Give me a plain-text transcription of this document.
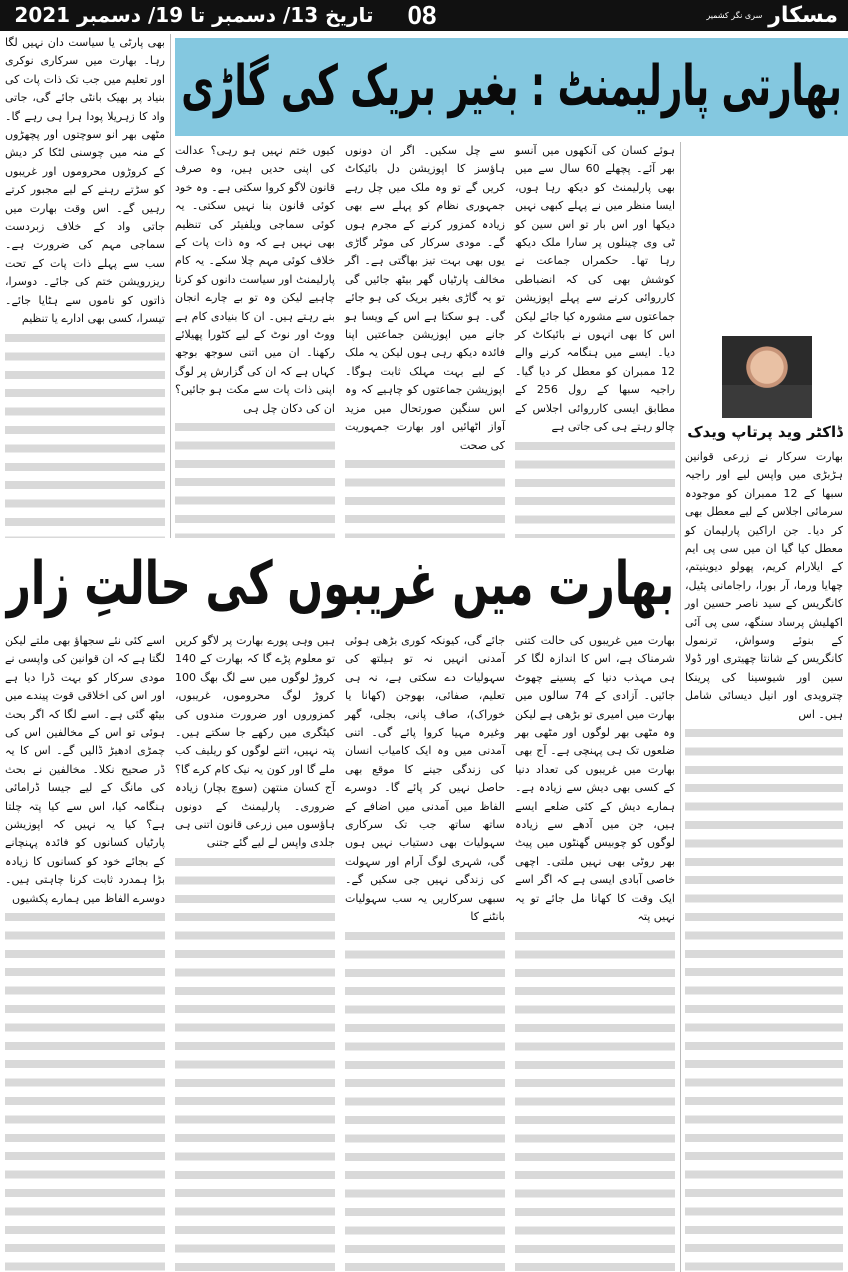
تاریخ 13/ دسمبر تا 19/ دسمبر 2021	08	مسکار
سری نگر کشمیر
بھارتی پارلیمنٹ : بغیر بریک کی گاڑی

بھی پارٹی یا سیاست دان نہیں لگا رہا۔ بھارت میں سرکاری نوکری اور تعلیم میں جب تک ذات پات کی بنیاد پر بھیک بانٹی جائے گی، جاتی واد کا زہریلا پودا ہرا ہی رہے گا۔ مٹھی بھر انو سوچتوں اور پچھڑوں کے منہ میں چوسنی لٹکا کر دیش کے کروڑوں محروموں اور غریبوں کو سڑتے رہنے کے لیے مجبور کرتے رہیں گے۔ اس وقت بھارت میں جاتی واد کے خلاف زبردست سماجی مہم کی ضرورت ہے۔ سب سے پہلے ذات پات کے تحت ریزرویشن ختم کی جائے۔ دوسرا، ذاتوں کو ناموں سے ہٹایا جائے۔ تیسرا، کسی بھی ادارے یا تنظیم

کیوں ختم نہیں ہو رہی؟ عدالت کی اپنی حدیں ہیں، وہ صرف قانون لاگو کروا سکتی ہے۔ وہ خود کوئی قانون بنا نہیں سکتی۔ یہ کوئی سماجی ویلفیئر کی تنظیم بھی نہیں ہے کہ وہ ذات پات کے خلاف کوئی مہم چلا سکے۔ یہ کام پارلیمنٹ اور سیاست دانوں کو کرنا چاہیے لیکن وہ تو بے چارے انجان بنے رہتے ہیں۔ ان کا بنیادی کام ہے ووٹ اور نوٹ کے لیے کٹورا پھیلائے رکھنا۔ ان میں اتنی سوجھ بوجھ کہاں ہے کہ ان کی گزارش پر لوگ اپنی ذات پات سے مکت ہو جائیں؟ ان کی دکان چل ہی

سے چل سکیں۔ اگر ان دونوں ہاؤسز کا اپوزیشن دل بائیکاٹ کریں گے تو وہ ملک میں چل رہے جمہوری نظام کو پہلے سے بھی زیادہ کمزور کرنے کے مجرم ہوں گے۔ مودی سرکار کی موٹر گاڑی یوں بھی بہت تیز بھاگتی ہے۔ اگر مخالف پارٹیاں گھر بیٹھ جائیں گی تو یہ گاڑی بغیر بریک کی ہو جائے گی۔ ہو سکتا ہے اس کے ویسا ہو جانے میں اپوزیشن جماعتیں اپنا فائدہ دیکھ رہی ہوں لیکن یہ ملک کے لیے بہت مہلک ثابت ہوگا۔ اپوزیشن جماعتوں کو چاہیے کہ وہ اس سنگین صورتحال میں مزید آواز اٹھائیں اور بھارت جمہوریت کی صحت

ہوئے کسان کی آنکھوں میں آنسو بھر آئے۔ پچھلے 60 سال سے میں بھی پارلیمنٹ کو دیکھ رہا ہوں، ایسا منظر میں نے پہلے کبھی نہیں دیکھا اور اس بار تو اس سین کو ٹی وی چینلوں پر سارا ملک دیکھ رہا تھا۔ حکمراں جماعت نے کوشش بھی کی کہ انضباطی کارروائی کرنے سے پہلے اپوزیشن جماعتوں سے مشورہ کیا جائے لیکن اس کا بھی انہوں نے بائیکاٹ کر دیا۔ ایسے میں ہنگامہ کرنے والے 12 ممبران کو معطل کر دیا گیا۔ راجیہ سبھا کے رول 256 کے مطابق ایسی کارروائی اجلاس کے چالو رہتے ہی کی جاتی ہے ڈاکٹر وید پرتاپ ویدک

بھارت سرکار نے زرعی قوانین ہڑبڑی میں واپس لیے اور راجیہ سبھا کے 12 ممبران کو موجودہ سرمائی اجلاس کے لیے معطل بھی کر دیا۔ جن اراکین پارلیمان کو معطل کیا گیا ان میں سی پی ایم کے ایلارام کریم، پھولو دیوینیتم، چھایا ورما، آر بورا، راجامانی پٹیل، کانگریس کے سید ناصر حسین اور اکھلیش پرساد سنگھ، سی پی آئی کے بنوئے وسواش، ترنمول کانگریس کے شانتا چھیتری اور ڈولا سین اور شیوسینا کی پرینکا چترویدی اور انیل دیسائی شامل ہیں۔ اس

بھارت میں غریبوں کی حالتِ زار

بھارت میں غریبوں کی حالت کتنی شرمناک ہے، اس کا اندازہ لگا کر ہی مہذب دنیا کے پسینے چھوٹ جائیں۔ آزادی کے 74 سالوں میں بھارت میں امیری تو بڑھی ہے لیکن وہ مٹھی بھر لوگوں اور مٹھی بھر ضلعوں تک ہی پہنچی ہے۔ آج بھی بھارت میں غریبوں کی تعداد دنیا کے کسی بھی دیش سے زیادہ ہے۔ ہمارے دیش کے کئی ضلعے ایسے ہیں، جن میں آدھے سے زیادہ لوگوں کو چوبیس گھنٹوں میں پیٹ بھر روٹی بھی نہیں ملتی۔ اچھی خاصی آبادی ایسی ہے کہ اگر اسے ایک وقت کا کھانا مل جائے تو یہ نہیں پتہ

جائے گی، کیونکہ کوری بڑھی ہوئی آمدنی انہیں نہ تو ہیلتھ کی سہولیات دے سکتی ہے، نہ ہی تعلیم، صفائی، بھوجن (کھانا یا خوراک)، صاف پانی، بجلی، گھر وغیرہ مہیا کروا پائے گی۔ اتنی آمدنی میں وہ ایک کامیاب انسان کی زندگی جینے کا موقع بھی حاصل نہیں کر پائے گا۔ دوسرے الفاظ میں آمدنی میں اضافے کے ساتھ ساتھ جب تک سرکاری سہولیات بھی دستیاب نہیں ہوں گی، شہری لوگ آرام اور سہولت کی زندگی نہیں جی سکیں گے۔ سبھی سرکاریں یہ سب سہولیات بانٹنے کا

ہیں وہی پورے بھارت پر لاگو کریں تو معلوم پڑے گا کہ بھارت کے 140 کروڑ لوگوں میں سے لگ بھگ 100 کروڑ لوگ محروموں، غریبوں، کمزوروں اور ضرورت مندوں کی کیٹگری میں رکھے جا سکتے ہیں۔ پتہ نہیں، اتنے لوگوں کو ریلیف کب ملے گا اور کون یہ نیک کام کرے گا؟ آج کسان منتھن (سوچ بچار) زیادہ ضروری۔ پارلیمنٹ کے دونوں ہاؤسوں میں زرعی قانون اتنی ہی جلدی واپس لے لیے گئے جتنی

اسے کئی نئے سجھاؤ بھی ملتے لیکن لگتا ہے کہ ان قوانین کی واپسی نے مودی سرکار کو بہت ڈرا دیا ہے اور اس کی اخلاقی قوت پیندے میں بیٹھ گئی ہے۔ اسے لگا کہ اگر بحث ہوئی تو اس کے مخالفین اس کی چمڑی ادھیڑ ڈالیں گے۔ اس کا یہ ڈر صحیح نکلا۔ مخالفین نے بحث کی مانگ کے لیے جیسا ڈرامائی ہنگامہ کیا، اس سے کیا پتہ چلتا ہے؟ کیا یہ نہیں کہ اپوزیشن پارٹیاں کسانوں کو فائدہ پہنچانے کے بجائے خود کو کسانوں کا زیادہ بڑا ہمدرد ثابت کرنا چاہتی ہیں۔ دوسرے الفاظ میں ہمارے پکشیوں
